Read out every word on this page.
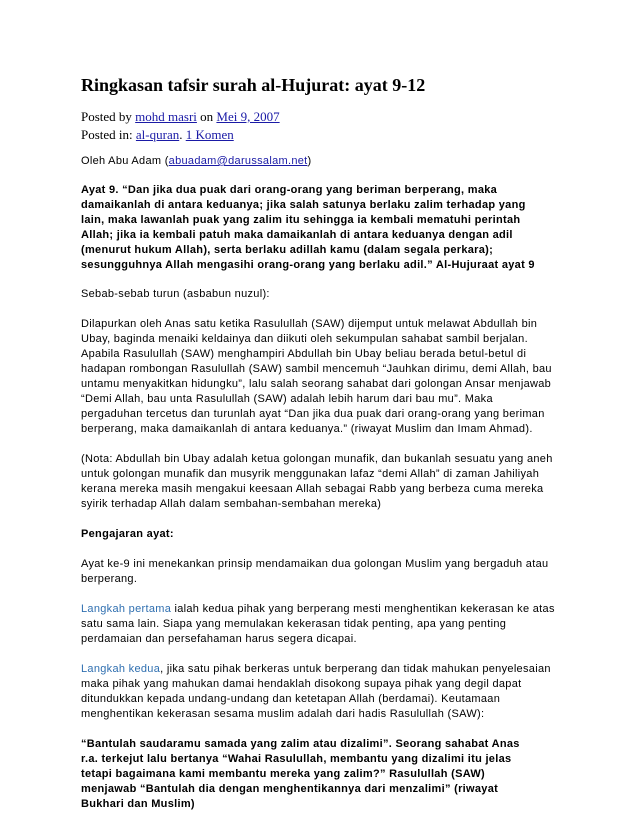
Ringkasan tafsir surah al-Hujurat: ayat 9-12
Posted by mohd masri on Mei 9, 2007
Posted in: al-quran. 1 Komen
Oleh Abu Adam (abuadam@darussalam.net)
Ayat 9. “Dan jika dua puak dari orang-orang yang beriman berperang, maka
damaikanlah di antara keduanya; jika salah satunya berlaku zalim terhadap yang
lain, maka lawanlah puak yang zalim itu sehingga ia kembali mematuhi perintah
Allah; jika ia kembali patuh maka damaikanlah di antara keduanya dengan adil
(menurut hukum Allah), serta berlaku adillah kamu (dalam segala perkara);
sesungguhnya Allah mengasihi orang-orang yang berlaku adil.” Al-Hujuraat ayat 9
Sebab-sebab turun (asbabun nuzul):
Dilapurkan oleh Anas satu ketika Rasulullah (SAW) dijemput untuk melawat Abdullah bin
Ubay, baginda menaiki keldainya dan diikuti oleh sekumpulan sahabat sambil berjalan.
Apabila Rasulullah (SAW) menghampiri Abdullah bin Ubay beliau berada betul-betul di
hadapan rombongan Rasulullah (SAW) sambil mencemuh “Jauhkan dirimu, demi Allah, bau
untamu menyakitkan hidungku”, lalu salah seorang sahabat dari golongan Ansar menjawab
“Demi Allah, bau unta Rasulullah (SAW) adalah lebih harum dari bau mu”. Maka
pergaduhan tercetus dan turunlah ayat “Dan jika dua puak dari orang-orang yang beriman
berperang, maka damaikanlah di antara keduanya.” (riwayat Muslim dan Imam Ahmad).
(Nota: Abdullah bin Ubay adalah ketua golongan munafik, dan bukanlah sesuatu yang aneh
untuk golongan munafik dan musyrik menggunakan lafaz “demi Allah” di zaman Jahiliyah
kerana mereka masih mengakui keesaan Allah sebagai Rabb yang berbeza cuma mereka
syirik terhadap Allah dalam sembahan-sembahan mereka)
Pengajaran ayat:
Ayat ke-9 ini menekankan prinsip mendamaikan dua golongan Muslim yang bergaduh atau
berperang.
Langkah pertama ialah kedua pihak yang berperang mesti menghentikan kekerasan ke atas
satu sama lain. Siapa yang memulakan kekerasan tidak penting, apa yang penting
perdamaian dan persefahaman harus segera dicapai.
Langkah kedua, jika satu pihak berkeras untuk berperang dan tidak mahukan penyelesaian
maka pihak yang mahukan damai hendaklah disokong supaya pihak yang degil dapat
ditundukkan kepada undang-undang dan ketetapan Allah (berdamai). Keutamaan
menghentikan kekerasan sesama muslim adalah dari hadis Rasulullah (SAW):
“Bantulah saudaramu samada yang zalim atau dizalimi”. Seorang sahabat Anas
r.a. terkejut lalu bertanya “Wahai Rasulullah, membantu yang dizalimi itu jelas
tetapi bagaimana kami membantu mereka yang zalim?” Rasulullah (SAW)
menjawab “Bantulah dia dengan menghentikannya dari menzalimi” (riwayat
Bukhari dan Muslim)
